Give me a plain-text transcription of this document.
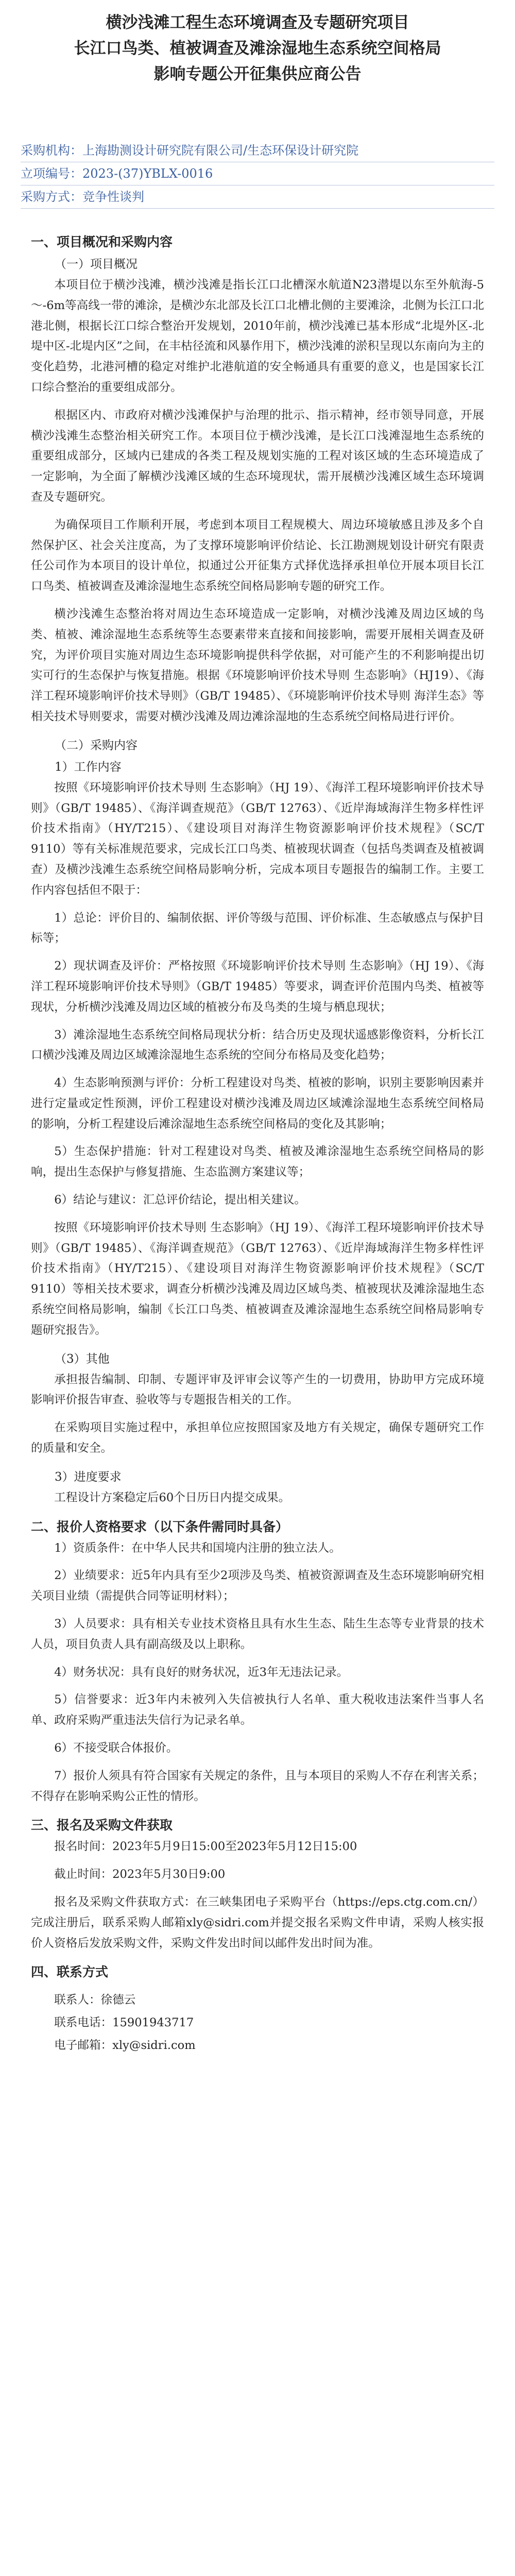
横沙浅滩工程生态环境调查及专题研究项目
长江口鸟类、植被调查及滩涂湿地生态系统空间格局
影响专题公开征集供应商公告
采购机构：上海勘测设计研究院有限公司/生态环保设计研究院
立项编号：2023-(37)YBLX-0016
采购方式：竞争性谈判

一、项目概况和采购内容

（一）项目概况

本项目位于横沙浅滩，横沙浅滩是指长江口北槽深水航道N23潜堤以东至外航海-5～-6m等高线一带的滩涂，是横沙东北部及长江口北槽北侧的主要滩涂，北侧为长江口北港北侧，根据长江口综合整治开发规划，2010年前，横沙浅滩已基本形成“北堤外区-北堤中区-北堤内区”之间，在丰枯径流和风暴作用下，横沙浅滩的淤积呈现以东南向为主的变化趋势，北港河槽的稳定对维护北港航道的安全畅通具有重要的意义，也是国家长江口综合整治的重要组成部分。

根据区内、市政府对横沙浅滩保护与治理的批示、指示精神，经市领导同意，开展横沙浅滩生态整治相关研究工作。本项目位于横沙浅滩，是长江口浅滩湿地生态系统的重要组成部分，区域内已建成的各类工程及规划实施的工程对该区域的生态环境造成了一定影响，为全面了解横沙浅滩区域的生态环境现状，需开展横沙浅滩区域生态环境调查及专题研究。

为确保项目工作顺利开展，考虑到本项目工程规模大、周边环境敏感且涉及多个自然保护区、社会关注度高，为了支撑环境影响评价结论、长江勘测规划设计研究有限责任公司作为本项目的设计单位，拟通过公开征集方式择优选择承担单位开展本项目长江口鸟类、植被调查及滩涂湿地生态系统空间格局影响专题的研究工作。

横沙浅滩生态整治将对周边生态环境造成一定影响，对横沙浅滩及周边区域的鸟类、植被、滩涂湿地生态系统等生态要素带来直接和间接影响，需要开展相关调查及研究，为评价项目实施对周边生态环境影响提供科学依据，对可能产生的不利影响提出切实可行的生态保护与恢复措施。根据《环境影响评价技术导则 生态影响》（HJ19）、《海洋工程环境影响评价技术导则》（GB/T 19485）、《环境影响评价技术导则 海洋生态》等相关技术导则要求，需要对横沙浅滩及周边滩涂湿地的生态系统空间格局进行评价。

（二）采购内容

1）工作内容

按照《环境影响评价技术导则 生态影响》（HJ 19）、《海洋工程环境影响评价技术导则》（GB/T 19485）、《海洋调查规范》（GB/T 12763）、《近岸海域海洋生物多样性评价技术指南》（HY/T215）、《建设项目对海洋生物资源影响评价技术规程》（SC/T 9110）等有关标准规范要求，完成长江口鸟类、植被现状调查（包括鸟类调查及植被调查）及横沙浅滩生态系统空间格局影响分析，完成本项目专题报告的编制工作。主要工作内容包括但不限于：

1）总论：评价目的、编制依据、评价等级与范围、评价标准、生态敏感点与保护目标等；

2）现状调查及评价：严格按照《环境影响评价技术导则 生态影响》（HJ 19）、《海洋工程环境影响评价技术导则》（GB/T 19485）等要求，调查评价范围内鸟类、植被等现状，分析横沙浅滩及周边区域的植被分布及鸟类的生境与栖息现状；

3）滩涂湿地生态系统空间格局现状分析：结合历史及现状遥感影像资料，分析长江口横沙浅滩及周边区域滩涂湿地生态系统的空间分布格局及变化趋势；

4）生态影响预测与评价：分析工程建设对鸟类、植被的影响，识别主要影响因素并进行定量或定性预测，评价工程建设对横沙浅滩及周边区域滩涂湿地生态系统空间格局的影响，分析工程建设后滩涂湿地生态系统空间格局的变化及其影响；

5）生态保护措施：针对工程建设对鸟类、植被及滩涂湿地生态系统空间格局的影响，提出生态保护与修复措施、生态监测方案建议等；

6）结论与建议：汇总评价结论，提出相关建议。

按照《环境影响评价技术导则 生态影响》（HJ 19）、《海洋工程环境影响评价技术导则》（GB/T 19485）、《海洋调查规范》（GB/T 12763）、《近岸海域海洋生物多样性评价技术指南》（HY/T215）、《建设项目对海洋生物资源影响评价技术规程》（SC/T 9110）等相关技术要求，调查分析横沙浅滩及周边区域鸟类、植被现状及滩涂湿地生态系统空间格局影响，编制《长江口鸟类、植被调查及滩涂湿地生态系统空间格局影响专题研究报告》。

（3）其他

承担报告编制、印制、专题评审及评审会议等产生的一切费用，协助甲方完成环境影响评价报告审查、验收等与专题报告相关的工作。

在采购项目实施过程中，承担单位应按照国家及地方有关规定，确保专题研究工作的质量和安全。

3）进度要求

工程设计方案稳定后60个日历日内提交成果。

二、报价人资格要求（以下条件需同时具备）

1）资质条件：在中华人民共和国境内注册的独立法人。

2）业绩要求：近5年内具有至少2项涉及鸟类、植被资源调查及生态环境影响研究相关项目业绩（需提供合同等证明材料）；

3）人员要求：具有相关专业技术资格且具有水生生态、陆生生态等专业背景的技术人员，项目负责人具有副高级及以上职称。

4）财务状况：具有良好的财务状况，近3年无违法记录。

5）信誉要求：近3年内未被列入失信被执行人名单、重大税收违法案件当事人名单、政府采购严重违法失信行为记录名单。

6）不接受联合体报价。

7）报价人须具有符合国家有关规定的条件，且与本项目的采购人不存在利害关系；不得存在影响采购公正性的情形。

三、报名及采购文件获取

报名时间：2023年5月9日15:00至2023年5月12日15:00

截止时间：2023年5月30日9:00

报名及采购文件获取方式：在三峡集团电子采购平台（https://eps.ctg.com.cn/）完成注册后，联系采购人邮箱xly@sidri.com并提交报名采购文件申请，采购人核实报价人资格后发放采购文件，采购文件发出时间以邮件发出时间为准。

四、联系方式

联系人：徐德云

联系电话：15901943717

电子邮箱：xly@sidri.com
